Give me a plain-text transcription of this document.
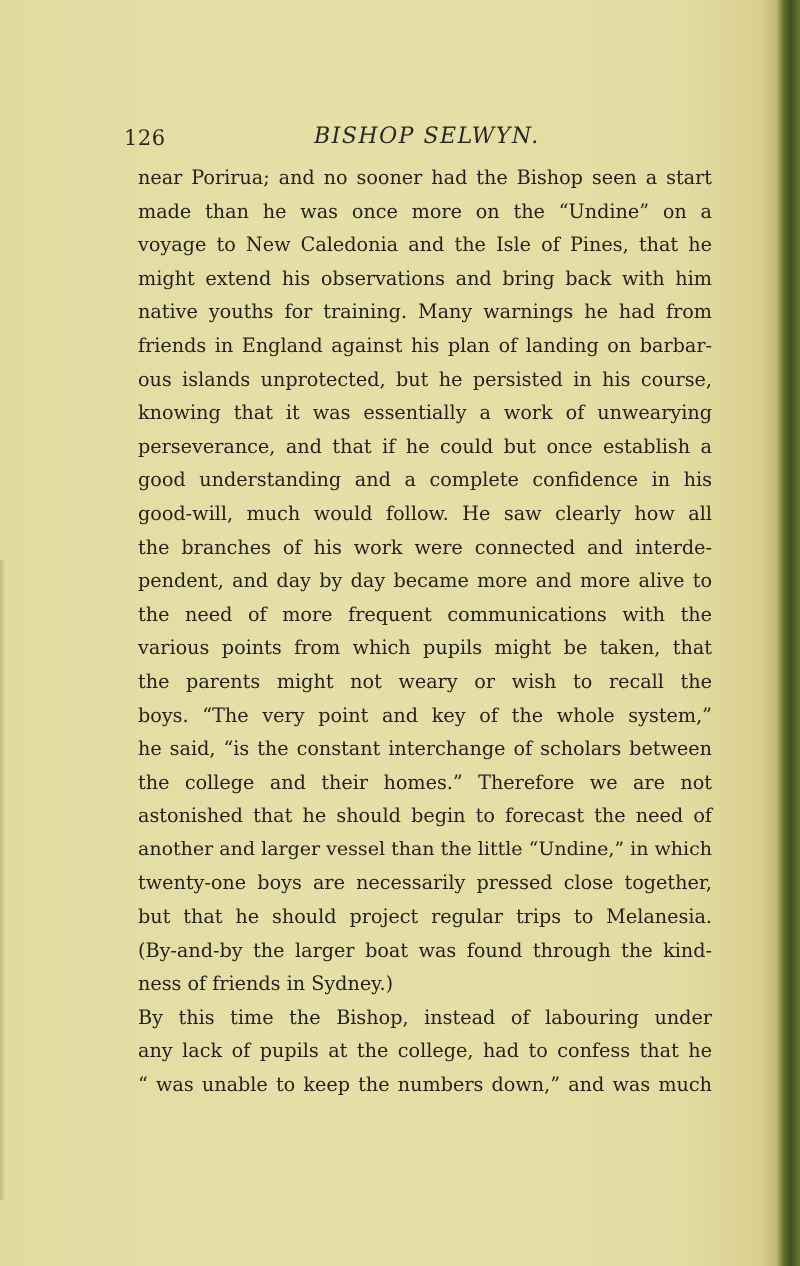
126	BISHOP SELWYN.
near Porirua; and no sooner had the Bishop seen a start
made than he was once more on the “Undine” on a
voyage to New Caledonia and the Isle of Pines, that he
might extend his observations and bring back with him
native youths for training. Many warnings he had from
friends in England against his plan of landing on barbar-
ous islands unprotected, but he persisted in his course,
knowing that it was essentially a work of unwearying
perseverance, and that if he could but once establish a
good understanding and a complete confidence in his
good-will, much would follow. He saw clearly how all
the branches of his work were connected and interde-
pendent, and day by day became more and more alive to
the need of more frequent communications with the
various points from which pupils might be taken, that
the parents might not weary or wish to recall the
boys. “The very point and key of the whole system,”
he said, “is the constant interchange of scholars between
the college and their homes.” Therefore we are not
astonished that he should begin to forecast the need of
another and larger vessel than the little “Undine,” in which
twenty-one boys are necessarily pressed close together,
but that he should project regular trips to Melanesia.
(By-and-by the larger boat was found through the kind-
ness of friends in Sydney.)
By this time the Bishop, instead of labouring under
any lack of pupils at the college, had to confess that he
“ was unable to keep the numbers down,” and was much
